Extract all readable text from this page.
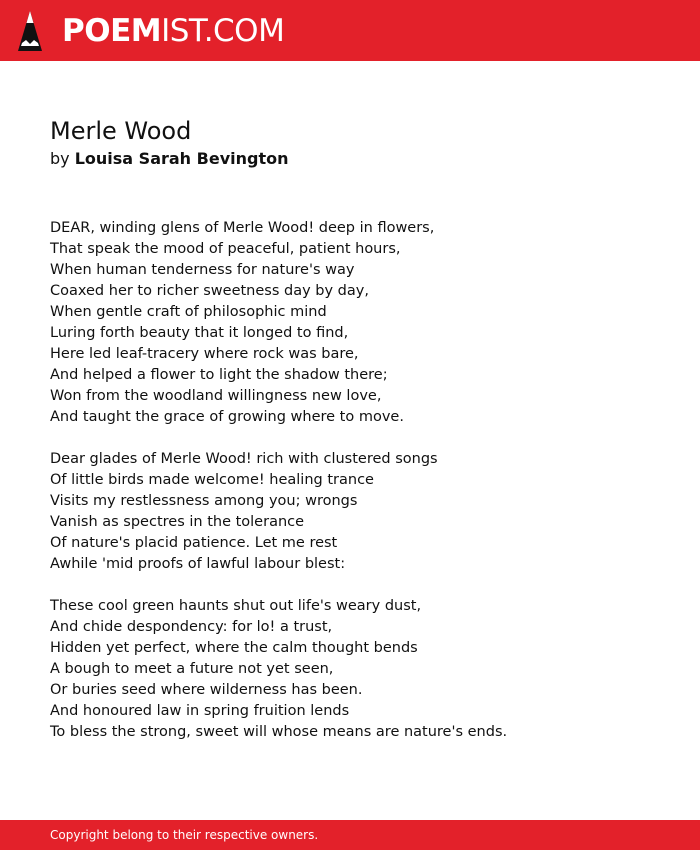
POEMIST.COM
Merle Wood
by Louisa Sarah Bevington
DEAR, winding glens of Merle Wood! deep in flowers,
That speak the mood of peaceful, patient hours,
When human tenderness for nature's way
Coaxed her to richer sweetness day by day,
When gentle craft of philosophic mind
Luring forth beauty that it longed to find,
Here led leaf-tracery where rock was bare,
And helped a flower to light the shadow there;
Won from the woodland willingness new love,
And taught the grace of growing where to move.
Dear glades of Merle Wood! rich with clustered songs
Of little birds made welcome! healing trance
Visits my restlessness among you; wrongs
Vanish as spectres in the tolerance
Of nature's placid patience. Let me rest
Awhile 'mid proofs of lawful labour blest:
These cool green haunts shut out life's weary dust,
And chide despondency: for lo! a trust,
Hidden yet perfect, where the calm thought bends
A bough to meet a future not yet seen,
Or buries seed where wilderness has been.
And honoured law in spring fruition lends
To bless the strong, sweet will whose means are nature's ends.
Copyright belong to their respective owners.
